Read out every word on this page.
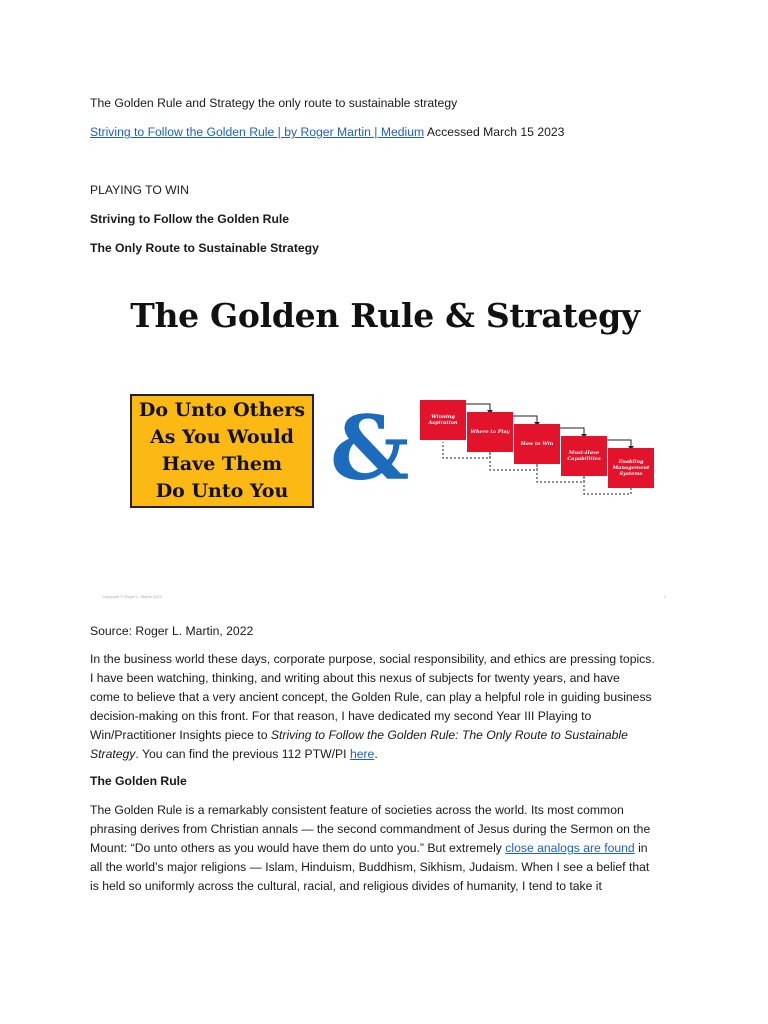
The Golden Rule and Strategy the only route to sustainable strategy
Striving to Follow the Golden Rule | by Roger Martin | Medium Accessed March 15 2023
PLAYING TO WIN
Striving to Follow the Golden Rule
The Only Route to Sustainable Strategy
The Golden Rule & Strategy
Do Unto Others
As You Would
Have Them
Do Unto You &	Winning Aspiration
Where to Play
How to Win
Must-Have Capabilities	Enabling Management Systems
Copyright © Roger L. Martin 2022	1
Source: Roger L. Martin, 2022

In the business world these days, corporate purpose, social responsibility, and ethics are pressing topics.

I have been watching, thinking, and writing about this nexus of subjects for twenty years, and have

come to believe that a very ancient concept, the Golden Rule, can play a helpful role in guiding business

decision-making on this front. For that reason, I have dedicated my second Year III Playing to

Win/Practitioner Insights piece to Striving to Follow the Golden Rule: The Only Route to Sustainable

Strategy. You can find the previous 112 PTW/PI here.

The Golden Rule

The Golden Rule is a remarkably consistent feature of societies across the world. Its most common

phrasing derives from Christian annals — the second commandment of Jesus during the Sermon on the

Mount: “Do unto others as you would have them do unto you.” But extremely close analogs are found in

all the world’s major religions — Islam, Hinduism, Buddhism, Sikhism, Judaism. When I see a belief that

is held so uniformly across the cultural, racial, and religious divides of humanity, I tend to take it
